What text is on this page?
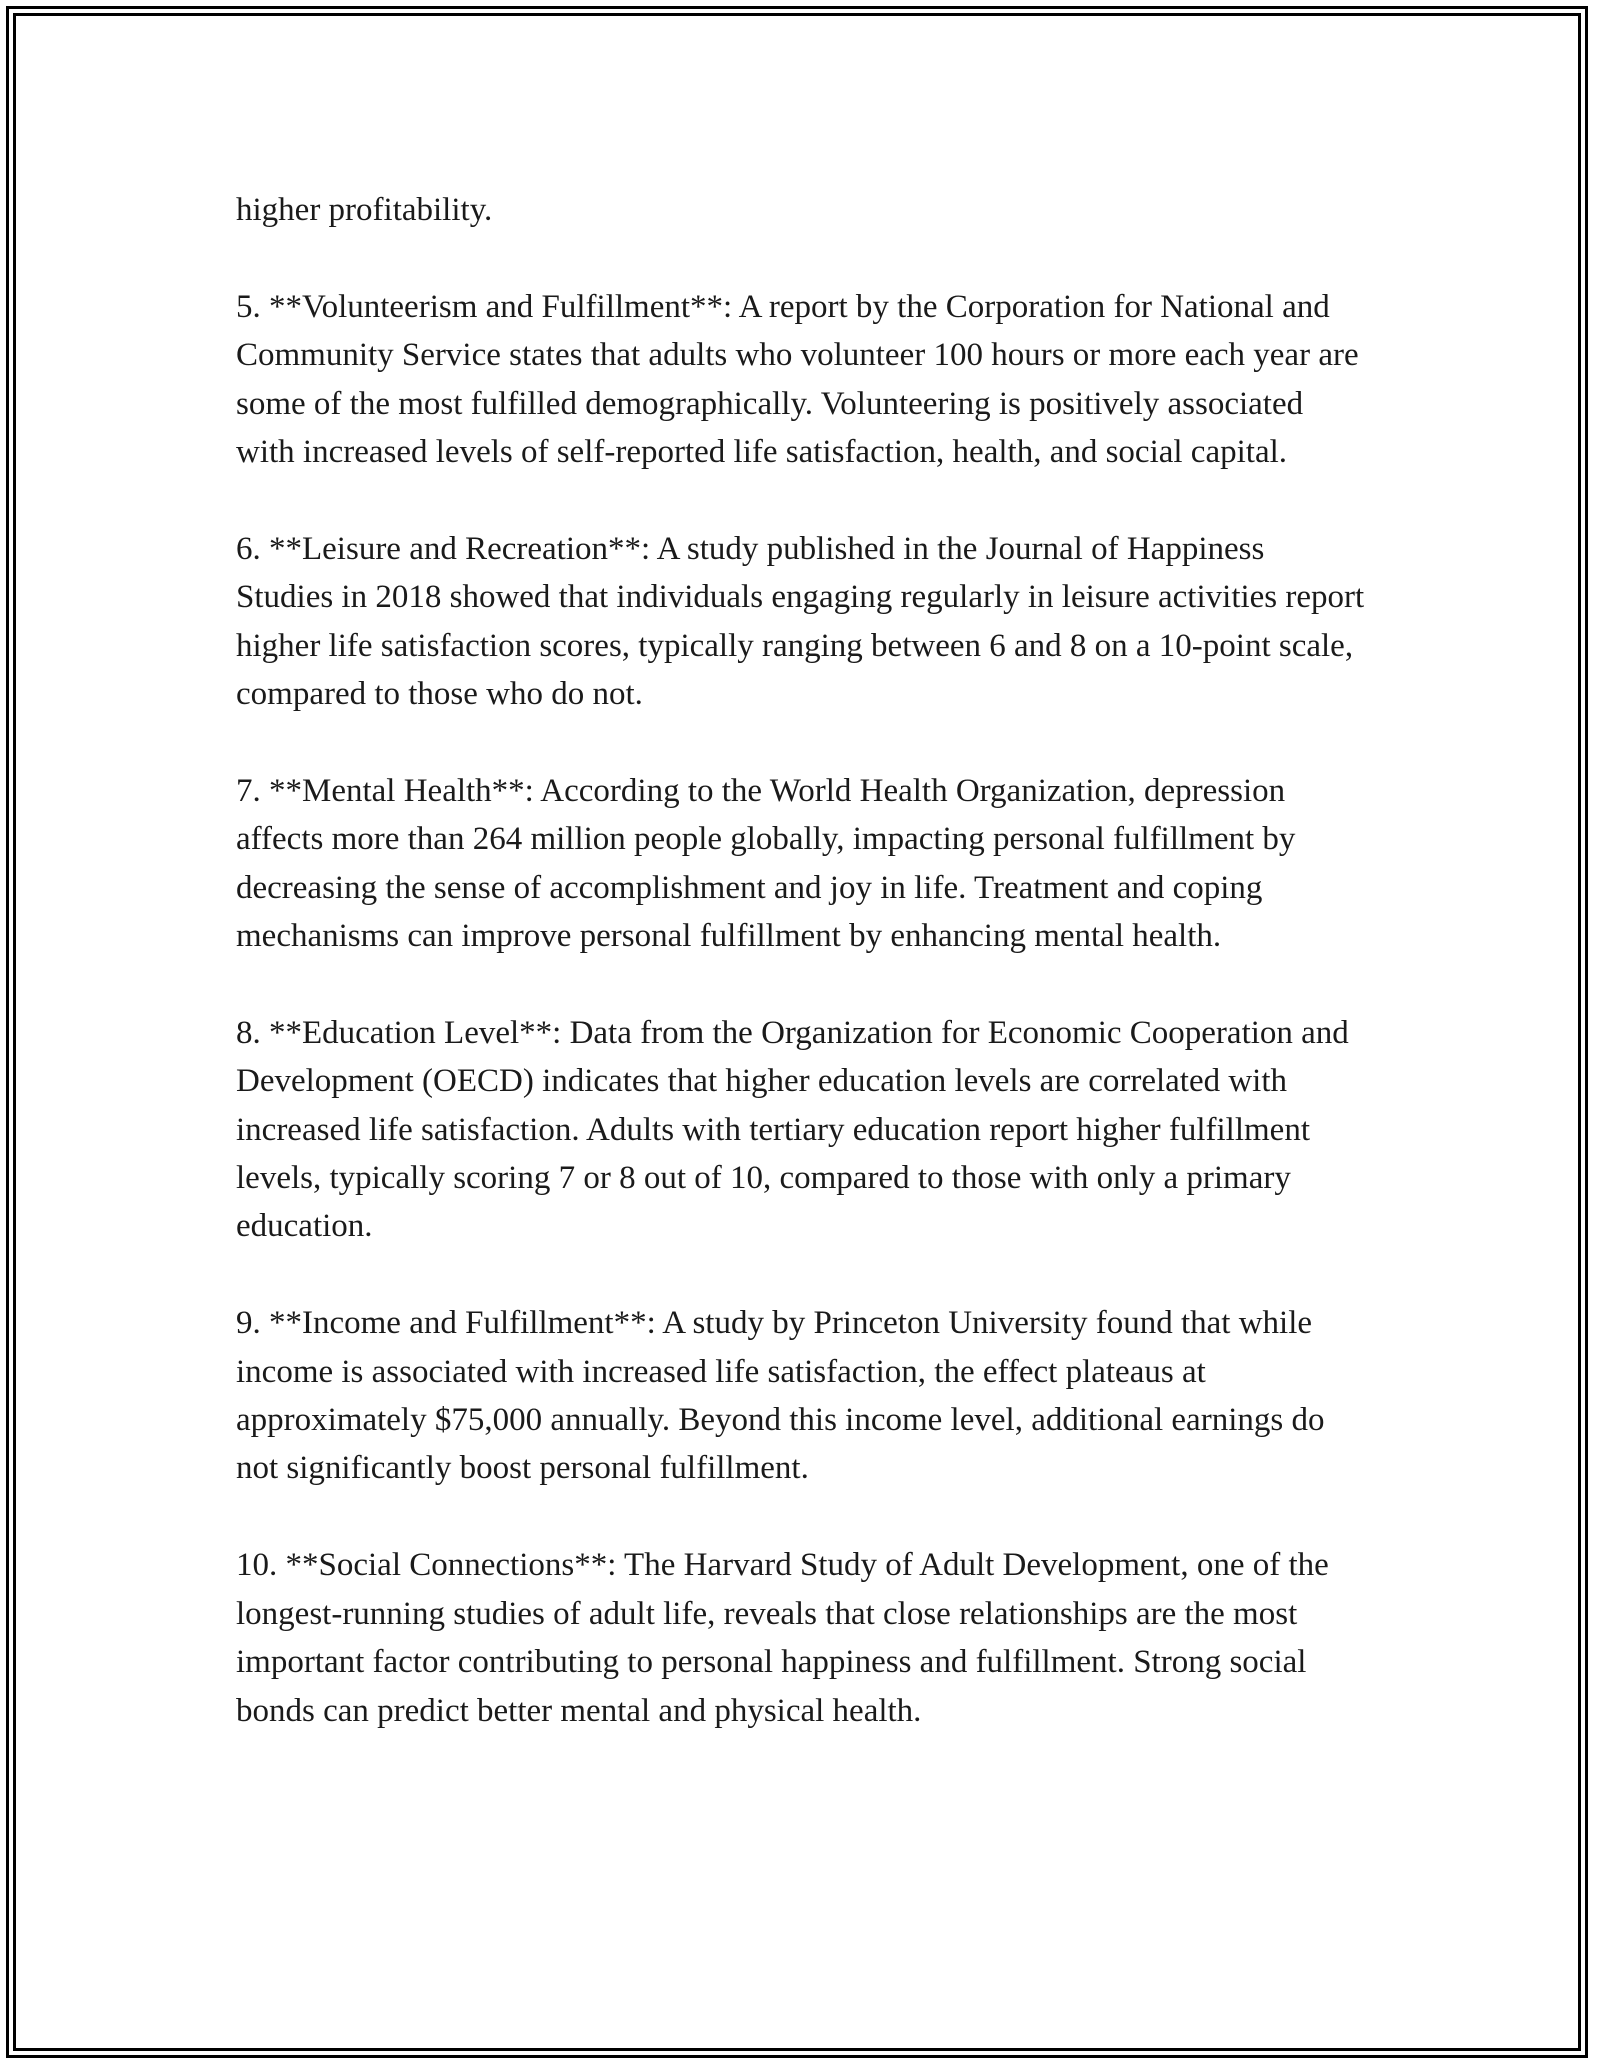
higher profitability.

5. **Volunteerism and Fulfillment**: A report by the Corporation for National and Community Service states that adults who volunteer 100 hours or more each year are some of the most fulfilled demographically. Volunteering is positively associated with increased levels of self-reported life satisfaction, health, and social capital.

6. **Leisure and Recreation**: A study published in the Journal of Happiness Studies in 2018 showed that individuals engaging regularly in leisure activities report higher life satisfaction scores, typically ranging between 6 and 8 on a 10-point scale, compared to those who do not.

7. **Mental Health**: According to the World Health Organization, depression affects more than 264 million people globally, impacting personal fulfillment by decreasing the sense of accomplishment and joy in life. Treatment and coping mechanisms can improve personal fulfillment by enhancing mental health.

8. **Education Level**: Data from the Organization for Economic Cooperation and Development (OECD) indicates that higher education levels are correlated with increased life satisfaction. Adults with tertiary education report higher fulfillment levels, typically scoring 7 or 8 out of 10, compared to those with only a primary education.

9. **Income and Fulfillment**: A study by Princeton University found that while income is associated with increased life satisfaction, the effect plateaus at approximately $75,000 annually. Beyond this income level, additional earnings do not significantly boost personal fulfillment.

10. **Social Connections**: The Harvard Study of Adult Development, one of the longest-running studies of adult life, reveals that close relationships are the most important factor contributing to personal happiness and fulfillment. Strong social bonds can predict better mental and physical health.
